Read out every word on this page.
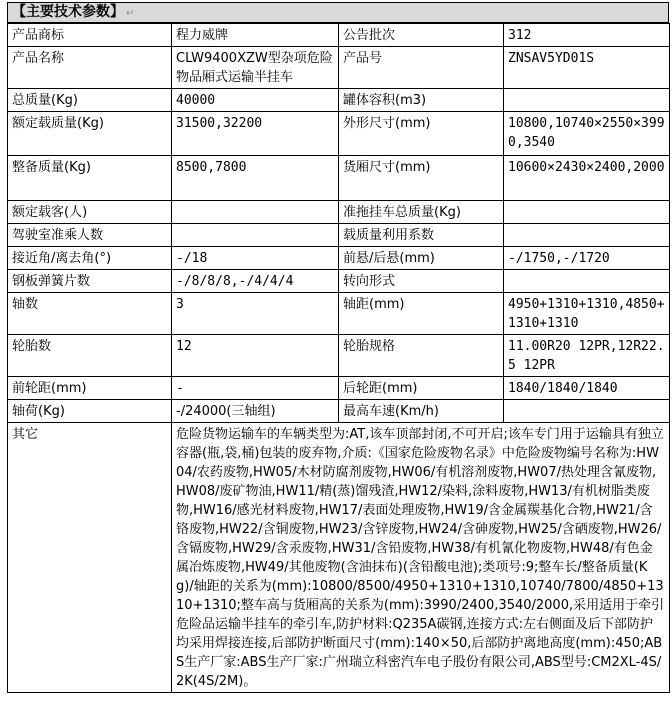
【主要技术参数】 ↵
产品商标	程力威牌	公告批次	312
产品名称	CLW9400XZW型杂项危险物品厢式运输半挂车	产品号	ZNSAV5YD01S
总质量(Kg)	40000	罐体容积(m3)	
额定载质量(Kg)	31500,32200	外形尺寸(mm)	10800,10740×2550×3990,3540
整备质量(Kg)	8500,7800	货厢尺寸(mm)	10600×2430×2400,2000
额定载客(人)		准拖挂车总质量(Kg)	
驾驶室准乘人数		载质量利用系数	
接近角/离去角(°)	-/18	前悬/后悬(mm)	-/1750,-/1720
钢板弹簧片数	-/8/8/8,-/4/4/4	转向形式	
轴数	3	轴距(mm)	4950+1310+1310,4850+1310+1310
轮胎数	12	轮胎规格	11.00R20 12PR,12R22.5 12PR
前轮距(mm)	-	后轮距(mm)	1840/1840/1840
轴荷(Kg)	-/24000(三轴组)	最高车速(Km/h)	
其它	危险货物运输车的车辆类型为:AT,该车顶部封闭,不可开启;该车专门用于运输具有独立容器(瓶,袋,桶)包装的废弃物,介质:《国家危险废物名录》中危险废物编号名称为:HW04/农药废物,HW05/木材防腐剂废物,HW06/有机溶剂废物,HW07/热处理含氰废物,HW08/废矿物油,HW11/精(蒸)馏残渣,HW12/染料,涂料废物,HW13/有机树脂类废物,HW16/感光材料废物,HW17/表面处理废物,HW19/含金属羰基化合物,HW21/含铬废物,HW22/含铜废物,HW23/含锌废物,HW24/含砷废物,HW25/含硒废物,HW26/含镉废物,HW29/含汞废物,HW31/含铅废物,HW38/有机氰化物废物,HW48/有色金属冶炼废物,HW49/其他废物(含油抹布)(含铅酸电池);类项号:9;整车长/整备质量(Kg)/轴距的关系为(mm):10800/8500/4950+1310+1310,10740/7800/4850+1310+1310;整车高与货厢高的关系为(mm):3990/2400,3540/2000,采用适用于牵引危险品运输半挂车的牵引车,防护材料:Q235A碳钢,连接方式:左右侧面及后下部防护均采用焊接连接,后部防护断面尺寸(mm):140×50,后部防护离地高度(mm):450;ABS生产厂家:ABS生产厂家:广州瑞立科密汽车电子股份有限公司,ABS型号:CM2XL-4S/2K(4S/2M)。		
